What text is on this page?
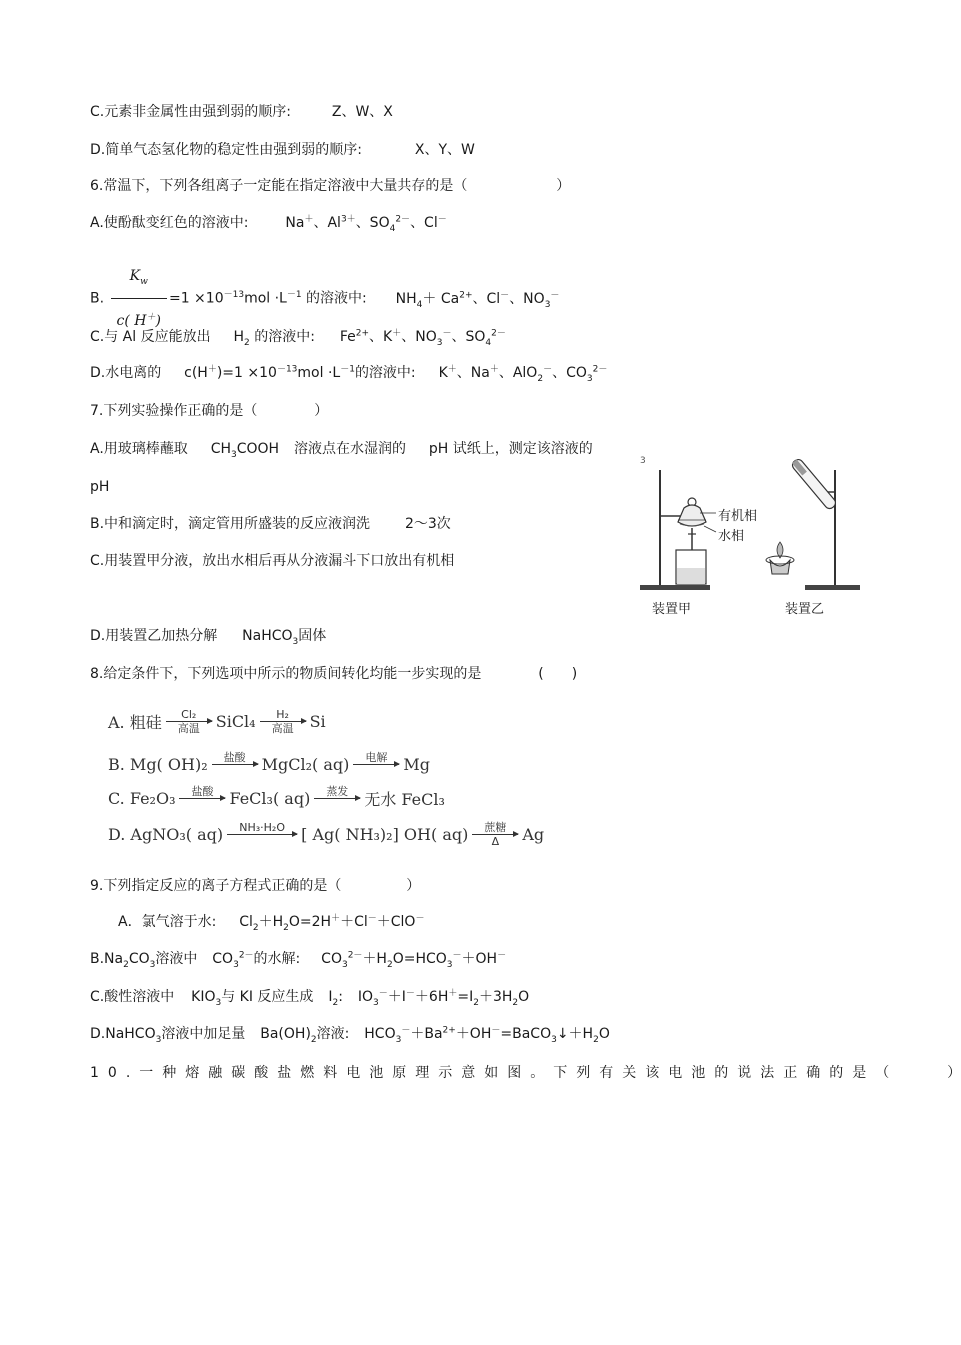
C.元素非金属性由强到弱的顺序:	Z、W、X
D.简单气态氢化物的稳定性由强到弱的顺序:	X、Y、W
6.常温下，下列各组离子一定能在指定溶液中大量共存的是（	）
A.使酚酞变红色的溶液中:	Na＋、$Al^{3+}$、$SO_4^{2-}$、Cl－
B. $\frac{K_w}{c( H^+)} =1 \times 10^{-13}mol \cdot L^{-1}$ 的溶液中: $NH_4+ Ca^{2+}$、Cl－、$NO_3^-$
C.与 Al 反应能放出 $H_2$ 的溶液中: $Fe^{2+}$、K＋、$NO_3^-$、$SO_4^{2-}$
D.水电离的 $c(H^+)=1 \times 10^{-13}mol \cdot L^{-1}$的溶液中: K＋、Na＋、AlO$_2$－、$CO_3^{2-}$
7.下列实验操作正确的是（	）
A.用玻璃棒蘸取 $CH_3COOH$ 溶液点在水湿润的 pH 试纸上，测定该溶液的
pH
B.中和滴定时，滴定管用所盛装的反应液润洗 2～3次
C.用装置甲分液，放出水相后再从分液漏斗下口放出有机相
D.用装置乙加热分解 NaHCO$_3$固体
3
有机相
水相
装置甲	装置乙
8.给定条件下，下列选项中所示的物质间转化均能一步实现的是	(　　)
A. 粗硅 Cl₂
高温 SiCl₄ H₂
高温 Si
B. Mg( OH)₂ 盐酸 MgCl₂( aq) 电解 Mg
C. Fe₂O₃ 盐酸 FeCl₃( aq) 蒸发 无水 FeCl₃
D. AgNO₃( aq) NH₃·H₂O [ Ag( NH₃)₂] OH( aq) 蔗糖
Δ Ag
9.下列指定反应的离子方程式正确的是（	）
A．氯气溶于水: $Cl_2+H_2O=2H^++Cl^-+ClO^-$
$B.Na_2CO_3$溶液中 $CO_3^{2-}$的水解: $CO_3^{2-}+H_2O=HCO_3^-+OH^-$
C.酸性溶液中 $KIO_3$与 KI 反应生成 $I_2$:  $IO_3^-+I^-+6H^+=I_2+3H_2O$
D.NaHCO$_3$溶液中加足量 $Ba(OH)_2$溶液: $HCO_3^-+Ba^{2+}+OH^-=BaCO_3↓+H_2O$
10.一种熔融碳酸盐燃料电池原理示意如图。下列有关该电池的说法正确的是（	）
